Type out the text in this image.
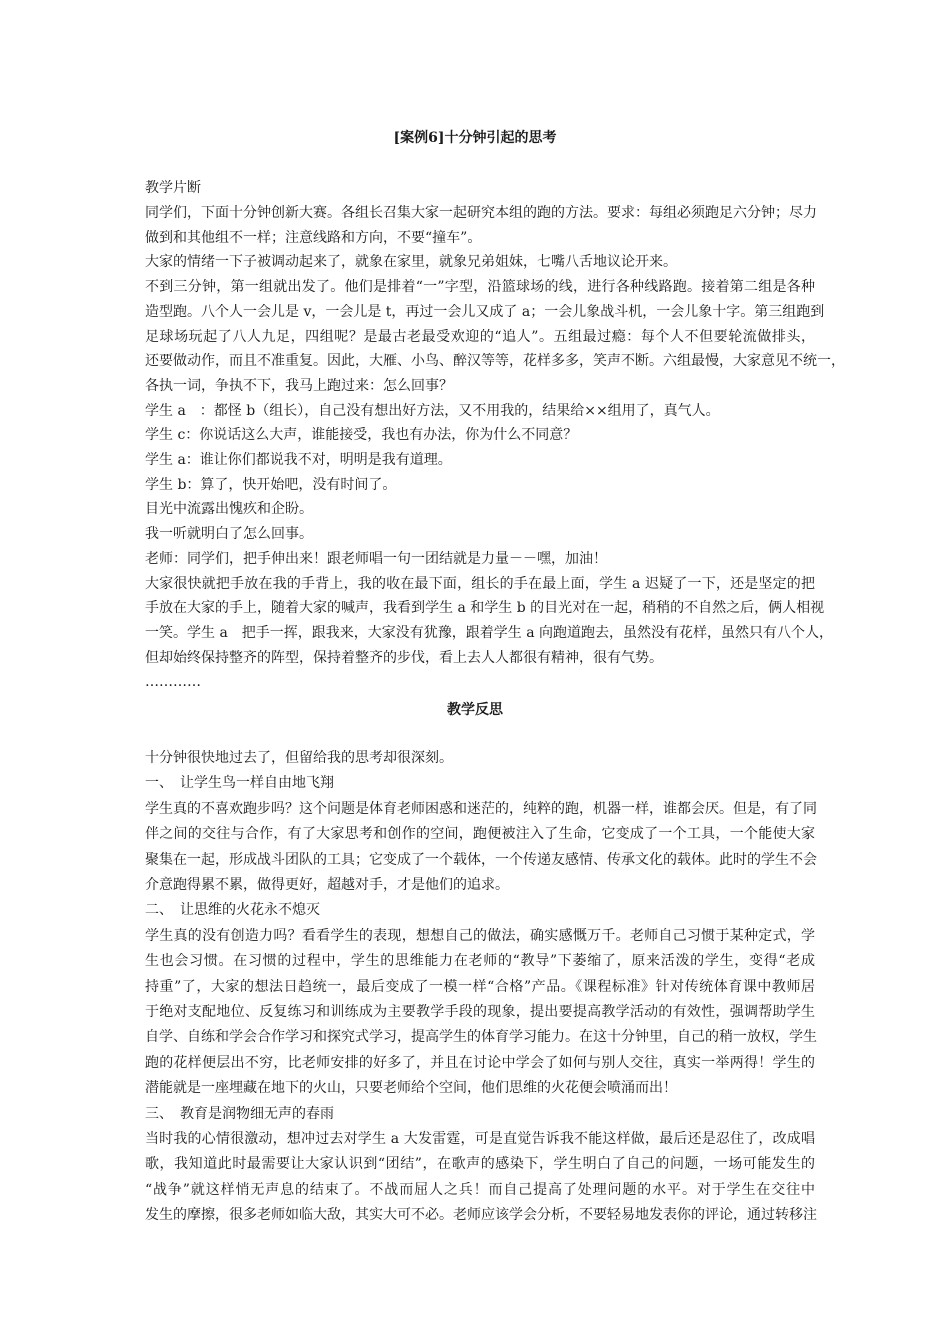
[案例6]十分钟引起的思考
教学片断
同学们，下面十分钟创新大赛。各组长召集大家一起研究本组的跑的方法。要求：每组必须跑足六分钟；尽力
做到和其他组不一样；注意线路和方向，不要“撞车”。
大家的情绪一下子被调动起来了，就象在家里，就象兄弟姐妹，七嘴八舌地议论开来。
不到三分钟，第一组就出发了。他们是排着“一”字型，沿篮球场的线，进行各种线路跑。接着第二组是各种
造型跑。八个人一会儿是 v，一会儿是 t，再过一会儿又成了 a；一会儿象战斗机，一会儿象十字。第三组跑到
足球场玩起了八人九足，四组呢？是最古老最受欢迎的“追人”。五组最过瘾：每个人不但要轮流做排头，
还要做动作，而且不准重复。因此，大雁、小鸟、醉汉等等，花样多多，笑声不断。六组最慢，大家意见不统一，
各执一词，争执不下，我马上跑过来：怎么回事？
学生 a　：都怪 b（组长），自己没有想出好方法，又不用我的，结果给××组用了，真气人。
学生 c：你说话这么大声，谁能接受，我也有办法，你为什么不同意？
学生 a：谁让你们都说我不对，明明是我有道理。
学生 b：算了，快开始吧，没有时间了。
目光中流露出愧疚和企盼。
我一听就明白了怎么回事。
老师：同学们，把手伸出来！跟老师唱一句一团结就是力量－－嘿，加油！
大家很快就把手放在我的手背上，我的收在最下面，组长的手在最上面，学生 a 迟疑了一下，还是坚定的把
手放在大家的手上，随着大家的喊声，我看到学生 a 和学生 b 的目光对在一起，稍稍的不自然之后，俩人相视
一笑。学生 a　把手一挥，跟我来，大家没有犹豫，跟着学生 a 向跑道跑去，虽然没有花样，虽然只有八个人，
但却始终保持整齐的阵型，保持着整齐的步伐，看上去人人都很有精神，很有气势。
…………
教学反思
十分钟很快地过去了，但留给我的思考却很深刻。
一、　让学生鸟一样自由地飞翔
学生真的不喜欢跑步吗？这个问题是体育老师困惑和迷茫的，纯粹的跑，机器一样，谁都会厌。但是，有了同
伴之间的交往与合作，有了大家思考和创作的空间，跑便被注入了生命，它变成了一个工具，一个能使大家
聚集在一起，形成战斗团队的工具；它变成了一个载体，一个传递友感情、传承文化的载体。此时的学生不会
介意跑得累不累，做得更好，超越对手，才是他们的追求。
二、　让思维的火花永不熄灭
学生真的没有创造力吗？看看学生的表现，想想自己的做法，确实感慨万千。老师自己习惯于某种定式，学
生也会习惯。在习惯的过程中，学生的思维能力在老师的“教导”下萎缩了，原来活泼的学生，变得“老成
持重”了，大家的想法日趋统一，最后变成了一模一样“合格”产品。《课程标准》针对传统体育课中教师居
于绝对支配地位、反复练习和训练成为主要教学手段的现象，提出要提高教学活动的有效性，强调帮助学生
自学、自练和学会合作学习和探究式学习，提高学生的体育学习能力。在这十分钟里，自己的稍一放权，学生
跑的花样便层出不穷，比老师安排的好多了，并且在讨论中学会了如何与别人交往，真实一举两得！学生的
潜能就是一座埋藏在地下的火山，只要老师给个空间，他们思维的火花便会喷涌而出！
三、　教育是润物细无声的春雨
当时我的心情很激动，想冲过去对学生 a 大发雷霆，可是直觉告诉我不能这样做，最后还是忍住了，改成唱
歌，我知道此时最需要让大家认识到“团结”，在歌声的感染下，学生明白了自己的问题，一场可能发生的
“战争”就这样悄无声息的结束了。不战而屈人之兵！而自己提高了处理问题的水平。对于学生在交往中
发生的摩擦，很多老师如临大敌，其实大可不必。老师应该学会分析，不要轻易地发表你的评论，通过转移注
